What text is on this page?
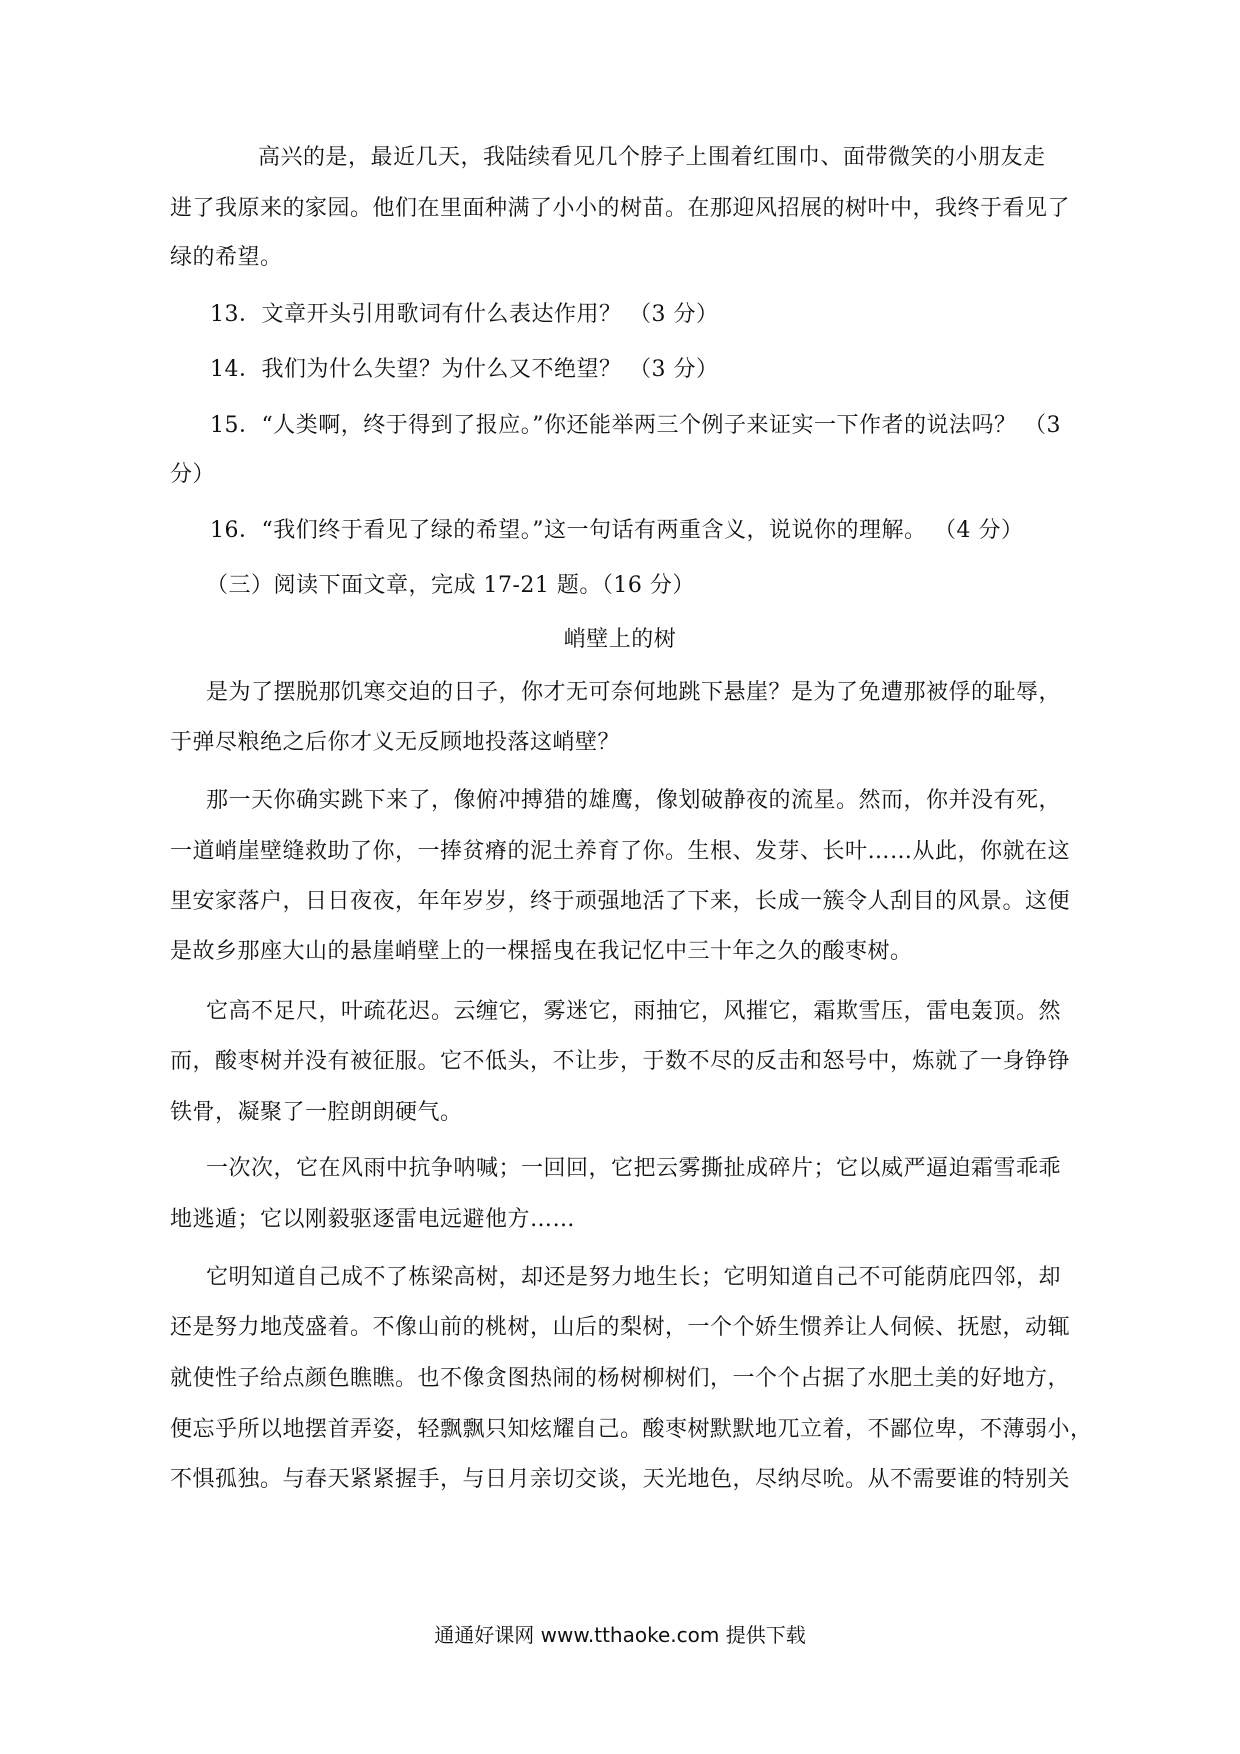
高兴的是，最近几天，我陆续看见几个脖子上围着红围巾、面带微笑的小朋友走
进了我原来的家园。他们在里面种满了小小的树苗。在那迎风招展的树叶中，我终于看见了
绿的希望。
13．文章开头引用歌词有什么表达作用？ （3 分）
14．我们为什么失望？为什么又不绝望？ （3 分）
15．“人类啊，终于得到了报应。”你还能举两三个例子来证实一下作者的说法吗？ （3
分）
16．“我们终于看见了绿的希望。”这一句话有两重含义，说说你的理解。 （4 分）
（三）阅读下面文章，完成 17-21 题。（16 分）
峭壁上的树
是为了摆脱那饥寒交迫的日子，你才无可奈何地跳下悬崖？是为了免遭那被俘的耻辱，
于弹尽粮绝之后你才义无反顾地投落这峭壁？
那一天你确实跳下来了，像俯冲搏猎的雄鹰，像划破静夜的流星。然而，你并没有死，
一道峭崖壁缝救助了你，一捧贫瘠的泥土养育了你。生根、发芽、长叶……从此，你就在这
里安家落户，日日夜夜，年年岁岁，终于顽强地活了下来，长成一簇令人刮目的风景。这便
是故乡那座大山的悬崖峭壁上的一棵摇曳在我记忆中三十年之久的酸枣树。
它高不足尺，叶疏花迟。云缠它，雾迷它，雨抽它，风摧它，霜欺雪压，雷电轰顶。然
而，酸枣树并没有被征服。它不低头，不让步，于数不尽的反击和怒号中，炼就了一身铮铮
铁骨，凝聚了一腔朗朗硬气。
一次次，它在风雨中抗争呐喊；一回回，它把云雾撕扯成碎片；它以威严逼迫霜雪乖乖
地逃遁；它以刚毅驱逐雷电远避他方……
它明知道自己成不了栋梁高树，却还是努力地生长；它明知道自己不可能荫庇四邻，却
还是努力地茂盛着。不像山前的桃树，山后的梨树，一个个娇生惯养让人伺候、抚慰，动辄
就使性子给点颜色瞧瞧。也不像贪图热闹的杨树柳树们，一个个占据了水肥土美的好地方，
便忘乎所以地摆首弄姿，轻飘飘只知炫耀自己。酸枣树默默地兀立着，不鄙位卑，不薄弱小，
不惧孤独。与春天紧紧握手，与日月亲切交谈，天光地色，尽纳尽吮。从不需要谁的特别关
通通好课网 www.tthaoke.com 提供下载
